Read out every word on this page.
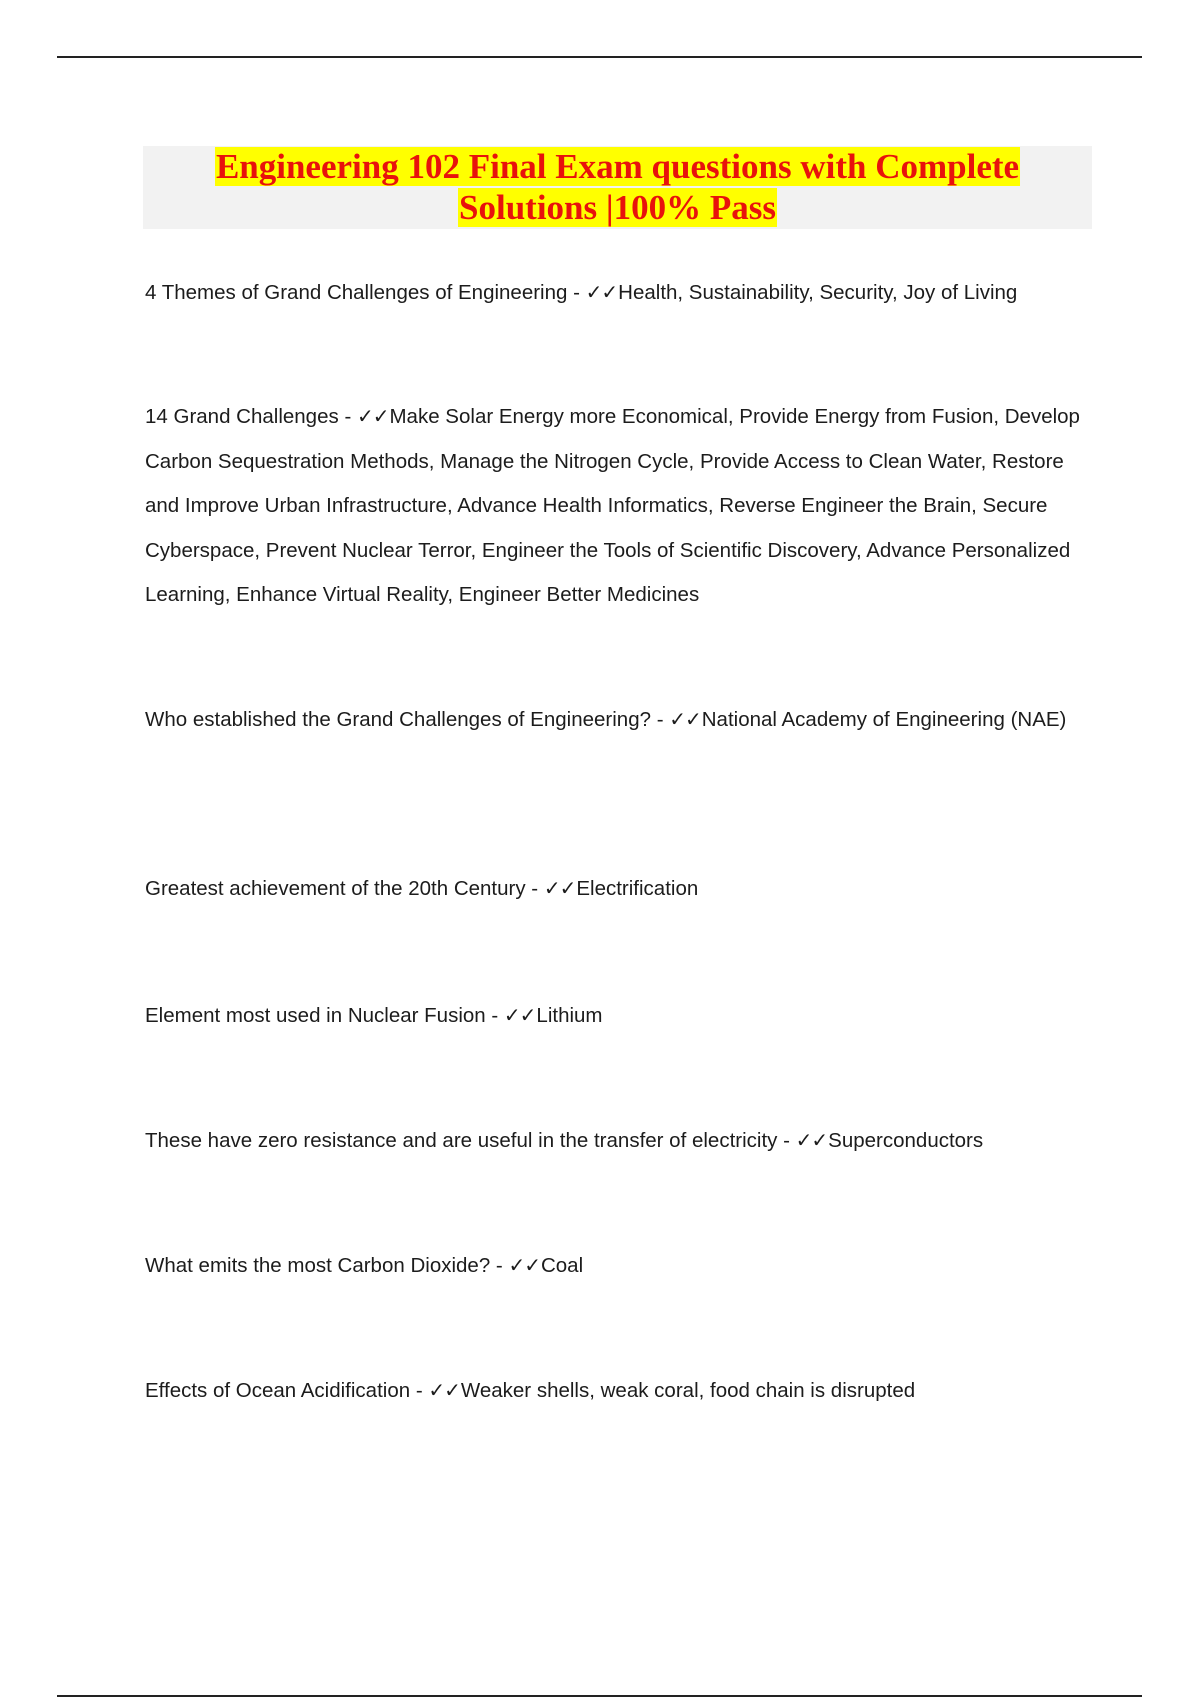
Engineering 102 Final Exam questions with Complete
Solutions |100% Pass

4 Themes of Grand Challenges of Engineering - ✓✓Health, Sustainability, Security, Joy of Living

14 Grand Challenges - ✓✓Make Solar Energy more Economical, Provide Energy from Fusion, Develop Carbon Sequestration Methods, Manage the Nitrogen Cycle, Provide Access to Clean Water, Restore and Improve Urban Infrastructure, Advance Health Informatics, Reverse Engineer the Brain, Secure Cyberspace, Prevent Nuclear Terror, Engineer the Tools of Scientific Discovery, Advance Personalized Learning, Enhance Virtual Reality, Engineer Better Medicines

Who established the Grand Challenges of Engineering? - ✓✓National Academy of Engineering (NAE)

Greatest achievement of the 20th Century - ✓✓Electrification

Element most used in Nuclear Fusion - ✓✓Lithium

These have zero resistance and are useful in the transfer of electricity - ✓✓Superconductors

What emits the most Carbon Dioxide? - ✓✓Coal

Effects of Ocean Acidification - ✓✓Weaker shells, weak coral, food chain is disrupted
